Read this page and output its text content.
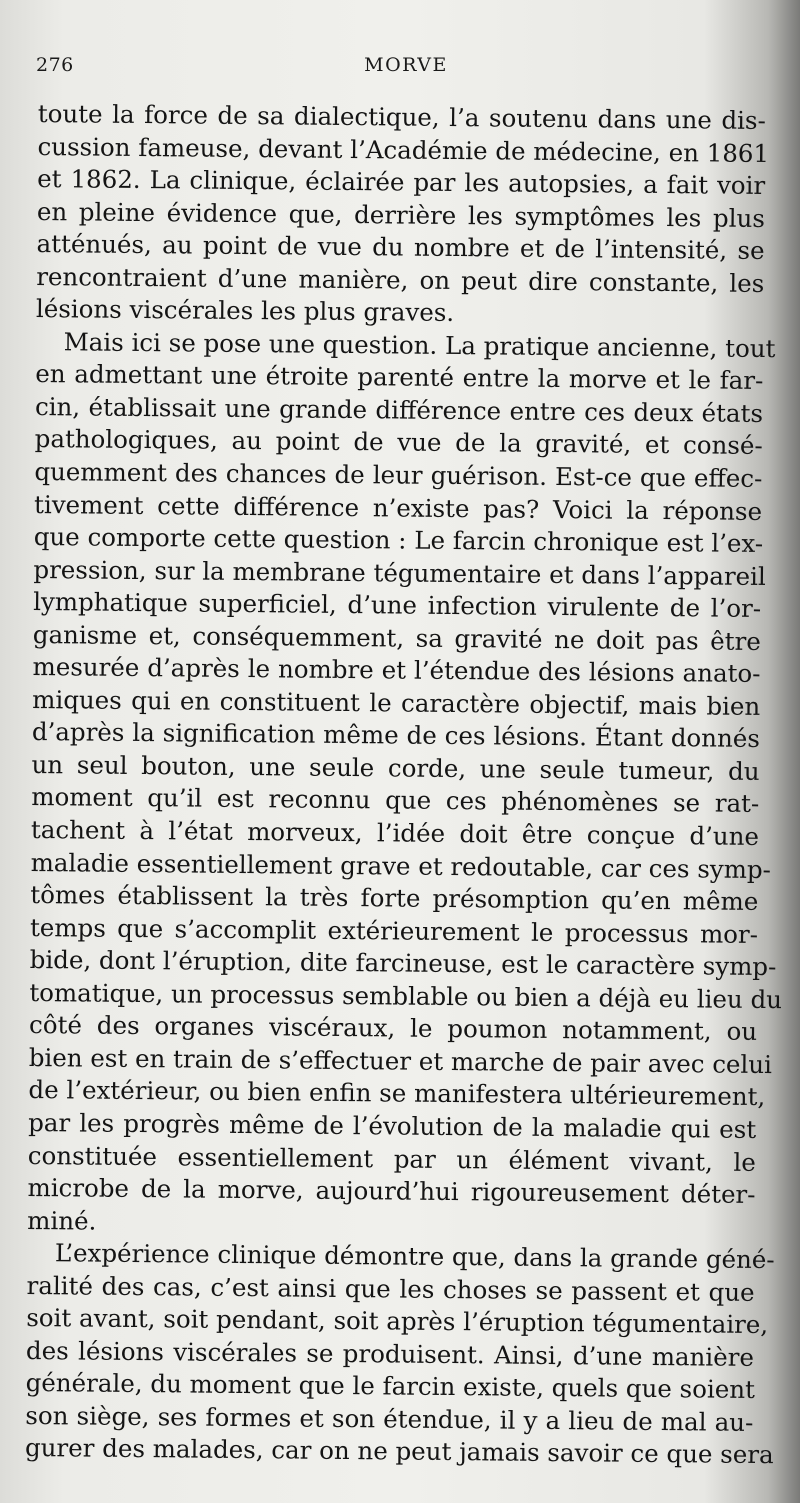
276	MORVE
toute la force de sa dialectique, l’a soutenu dans une dis-
cussion fameuse, devant l’Académie de médecine, en 1861
et 1862. La clinique, éclairée par les autopsies, a fait voir
en pleine évidence que, derrière les symptômes les plus
atténués, au point de vue du nombre et de l’intensité, se
rencontraient d’une manière, on peut dire constante, les
lésions viscérales les plus graves.
Mais ici se pose une question. La pratique ancienne, tout
en admettant une étroite parenté entre la morve et le far-
cin, établissait une grande différence entre ces deux états
pathologiques, au point de vue de la gravité, et consé-
quemment des chances de leur guérison. Est-ce que effec-
tivement cette différence n’existe pas? Voici la réponse
que comporte cette question : Le farcin chronique est l’ex-
pression, sur la membrane tégumentaire et dans l’appareil
lymphatique superficiel, d’une infection virulente de l’or-
ganisme et, conséquemment, sa gravité ne doit pas être
mesurée d’après le nombre et l’étendue des lésions anato-
miques qui en constituent le caractère objectif, mais bien
d’après la signification même de ces lésions. Étant donnés
un seul bouton, une seule corde, une seule tumeur, du
moment qu’il est reconnu que ces phénomènes se rat-
tachent à l’état morveux, l’idée doit être conçue d’une
maladie essentiellement grave et redoutable, car ces symp-
tômes établissent la très forte présomption qu’en même
temps que s’accomplit extérieurement le processus mor-
bide, dont l’éruption, dite farcineuse, est le caractère symp-
tomatique, un processus semblable ou bien a déjà eu lieu du
côté des organes viscéraux, le poumon notamment, ou
bien est en train de s’effectuer et marche de pair avec celui
de l’extérieur, ou bien enfin se manifestera ultérieurement,
par les progrès même de l’évolution de la maladie qui est
constituée essentiellement par un élément vivant, le
microbe de la morve, aujourd’hui rigoureusement déter-
miné.
L’expérience clinique démontre que, dans la grande géné-
ralité des cas, c’est ainsi que les choses se passent et que
soit avant, soit pendant, soit après l’éruption tégumentaire,
des lésions viscérales se produisent. Ainsi, d’une manière
générale, du moment que le farcin existe, quels que soient
son siège, ses formes et son étendue, il y a lieu de mal au-
gurer des malades, car on ne peut jamais savoir ce que sera
